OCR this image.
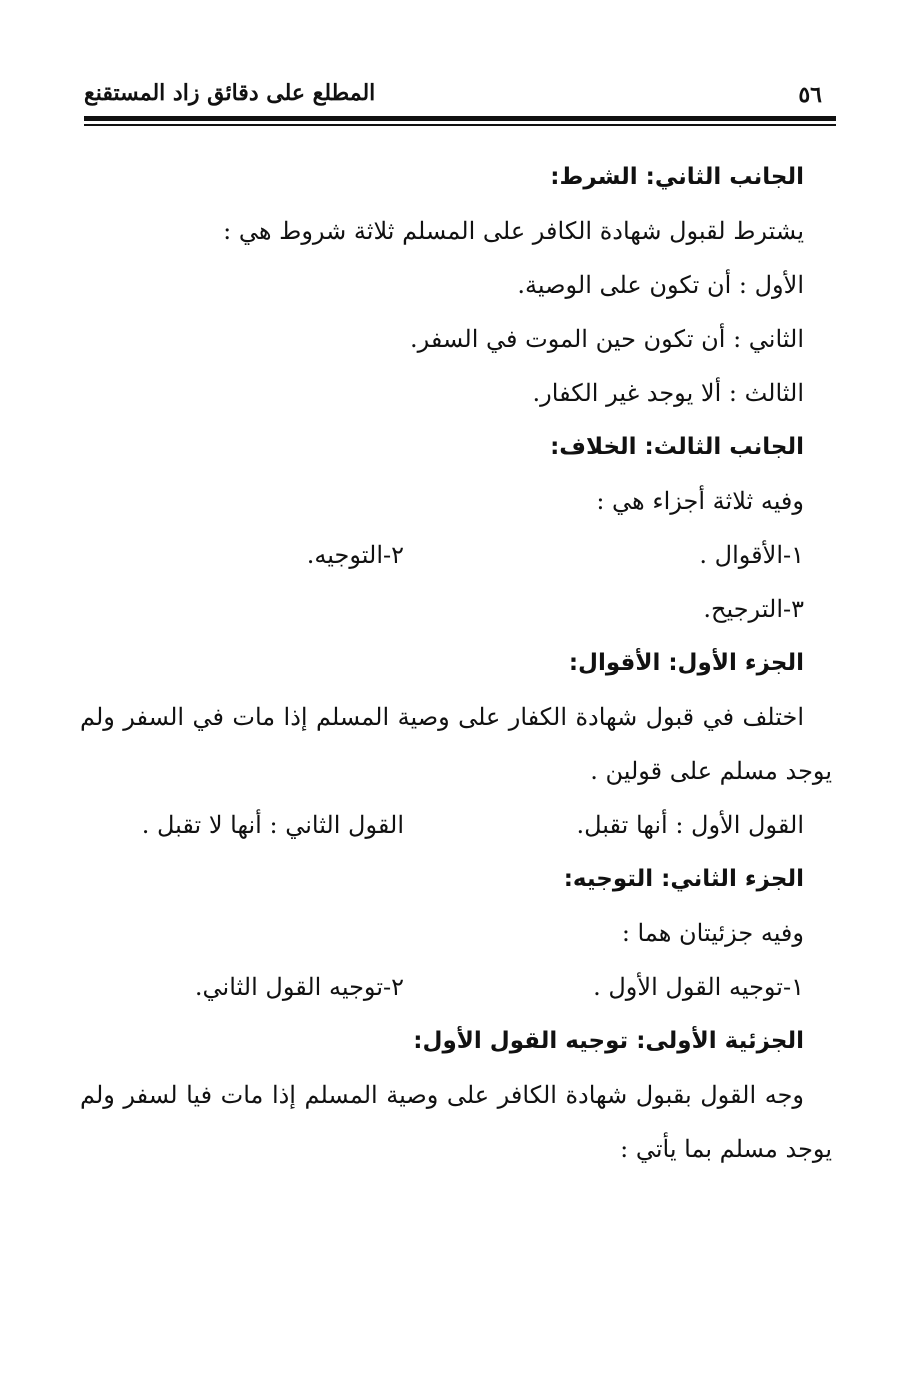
٥٦
المطلع على دقائق زاد المستقنع
الجانب الثاني: الشرط:
يشترط لقبول شهادة الكافر على المسلم ثلاثة شروط هي :
الأول : أن تكون على الوصية.
الثاني : أن تكون حين الموت في السفر.
الثالث : ألا يوجد غير الكفار.
الجانب الثالث: الخلاف:
وفيه ثلاثة أجزاء هي :
١-الأقوال .
٢-التوجيه.
٣-الترجيح.
الجزء الأول: الأقوال:
اختلف في قبول شهادة الكفار على وصية المسلم إذا مات في السفر ولم
يوجد مسلم على قولين .
القول الأول : أنها تقبل.
القول الثاني : أنها لا تقبل .
الجزء الثاني: التوجيه:
وفيه جزئيتان هما :
١-توجيه القول الأول .
٢-توجيه القول الثاني.
الجزئية الأولى: توجيه القول الأول:
وجه القول بقبول شهادة الكافر على وصية المسلم إذا مات فيا لسفر ولم
يوجد مسلم بما يأتي :
